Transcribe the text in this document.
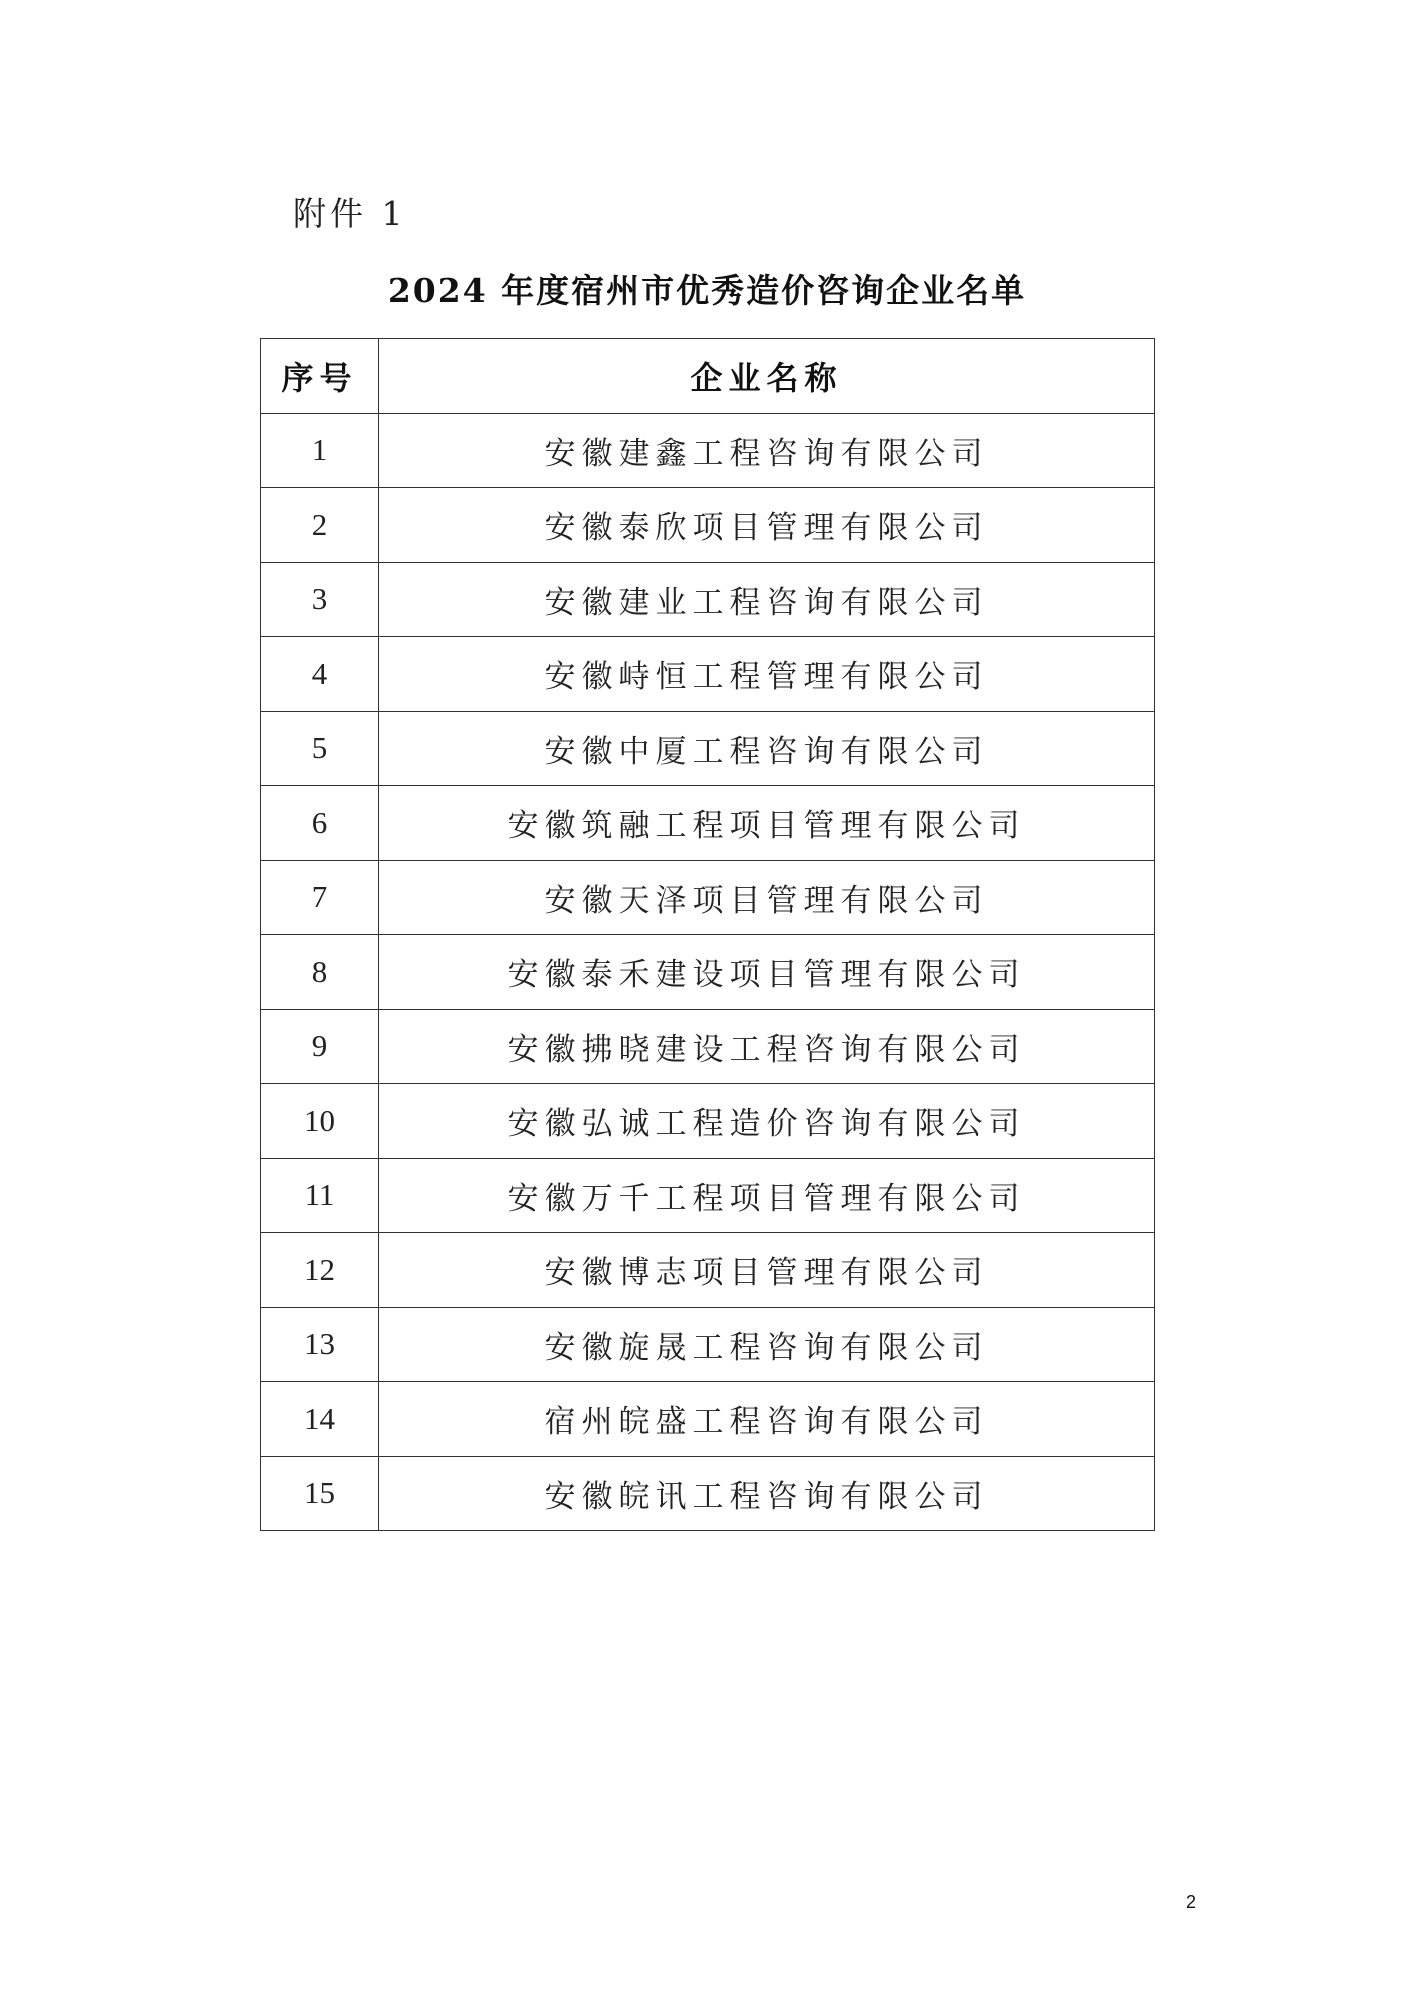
附件 1
2024 年度宿州市优秀造价咨询企业名单
序号	企业名称
1	安徽建鑫工程咨询有限公司
2	安徽泰欣项目管理有限公司
3	安徽建业工程咨询有限公司
4	安徽峙恒工程管理有限公司
5	安徽中厦工程咨询有限公司
6	安徽筑融工程项目管理有限公司
7	安徽天泽项目管理有限公司
8	安徽泰禾建设项目管理有限公司
9	安徽拂晓建设工程咨询有限公司
10	安徽弘诚工程造价咨询有限公司
11	安徽万千工程项目管理有限公司
12	安徽博志项目管理有限公司
13	安徽旋晟工程咨询有限公司
14	宿州皖盛工程咨询有限公司
15	安徽皖讯工程咨询有限公司
2
